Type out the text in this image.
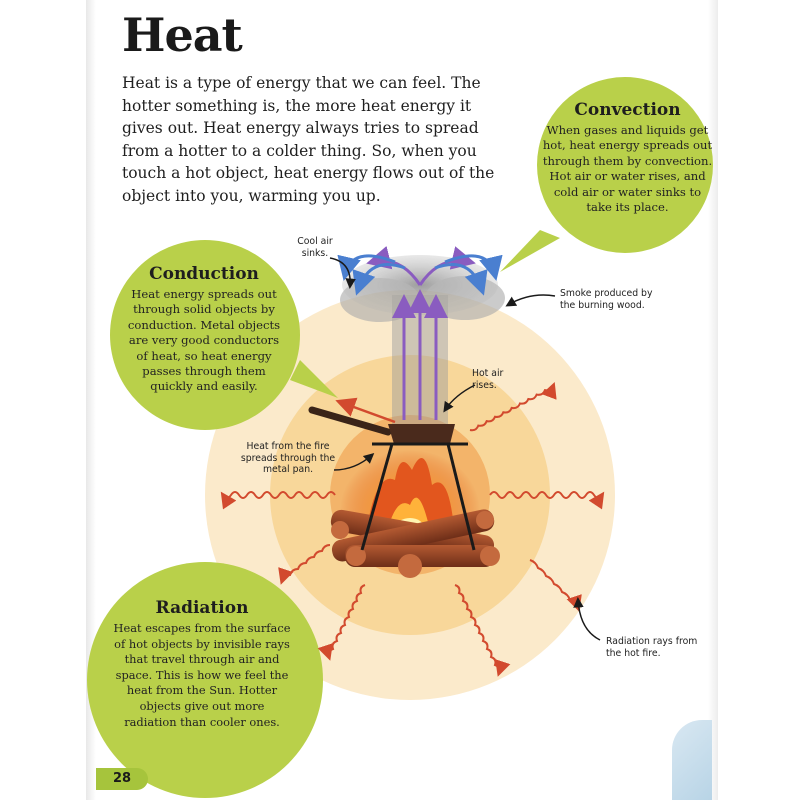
Heat
Heat is a type of energy that we can feel. The hotter something is, the more heat energy it gives out. Heat energy always tries to spread from a hotter to a colder thing. So, when you touch a hot object, heat energy flows out of the object into you, warming you up.
Convection

When gases and liquids get hot, heat energy spreads out through them by convection. Hot air or water rises, and cold air or water sinks to take its place.

Conduction

Heat energy spreads out through solid objects by conduction. Metal objects are very good conductors of heat, so heat energy passes through them quickly and easily.

Radiation

Heat escapes from the surface of hot objects by invisible rays that travel through air and space. This is how we feel the heat from the Sun. Hotter objects give out more radiation than cooler ones.

Cool air sinks.
Smoke produced by the burning wood.
Hot air rises.
Heat from the fire spreads through the metal pan.
Radiation rays from the hot fire.
28
